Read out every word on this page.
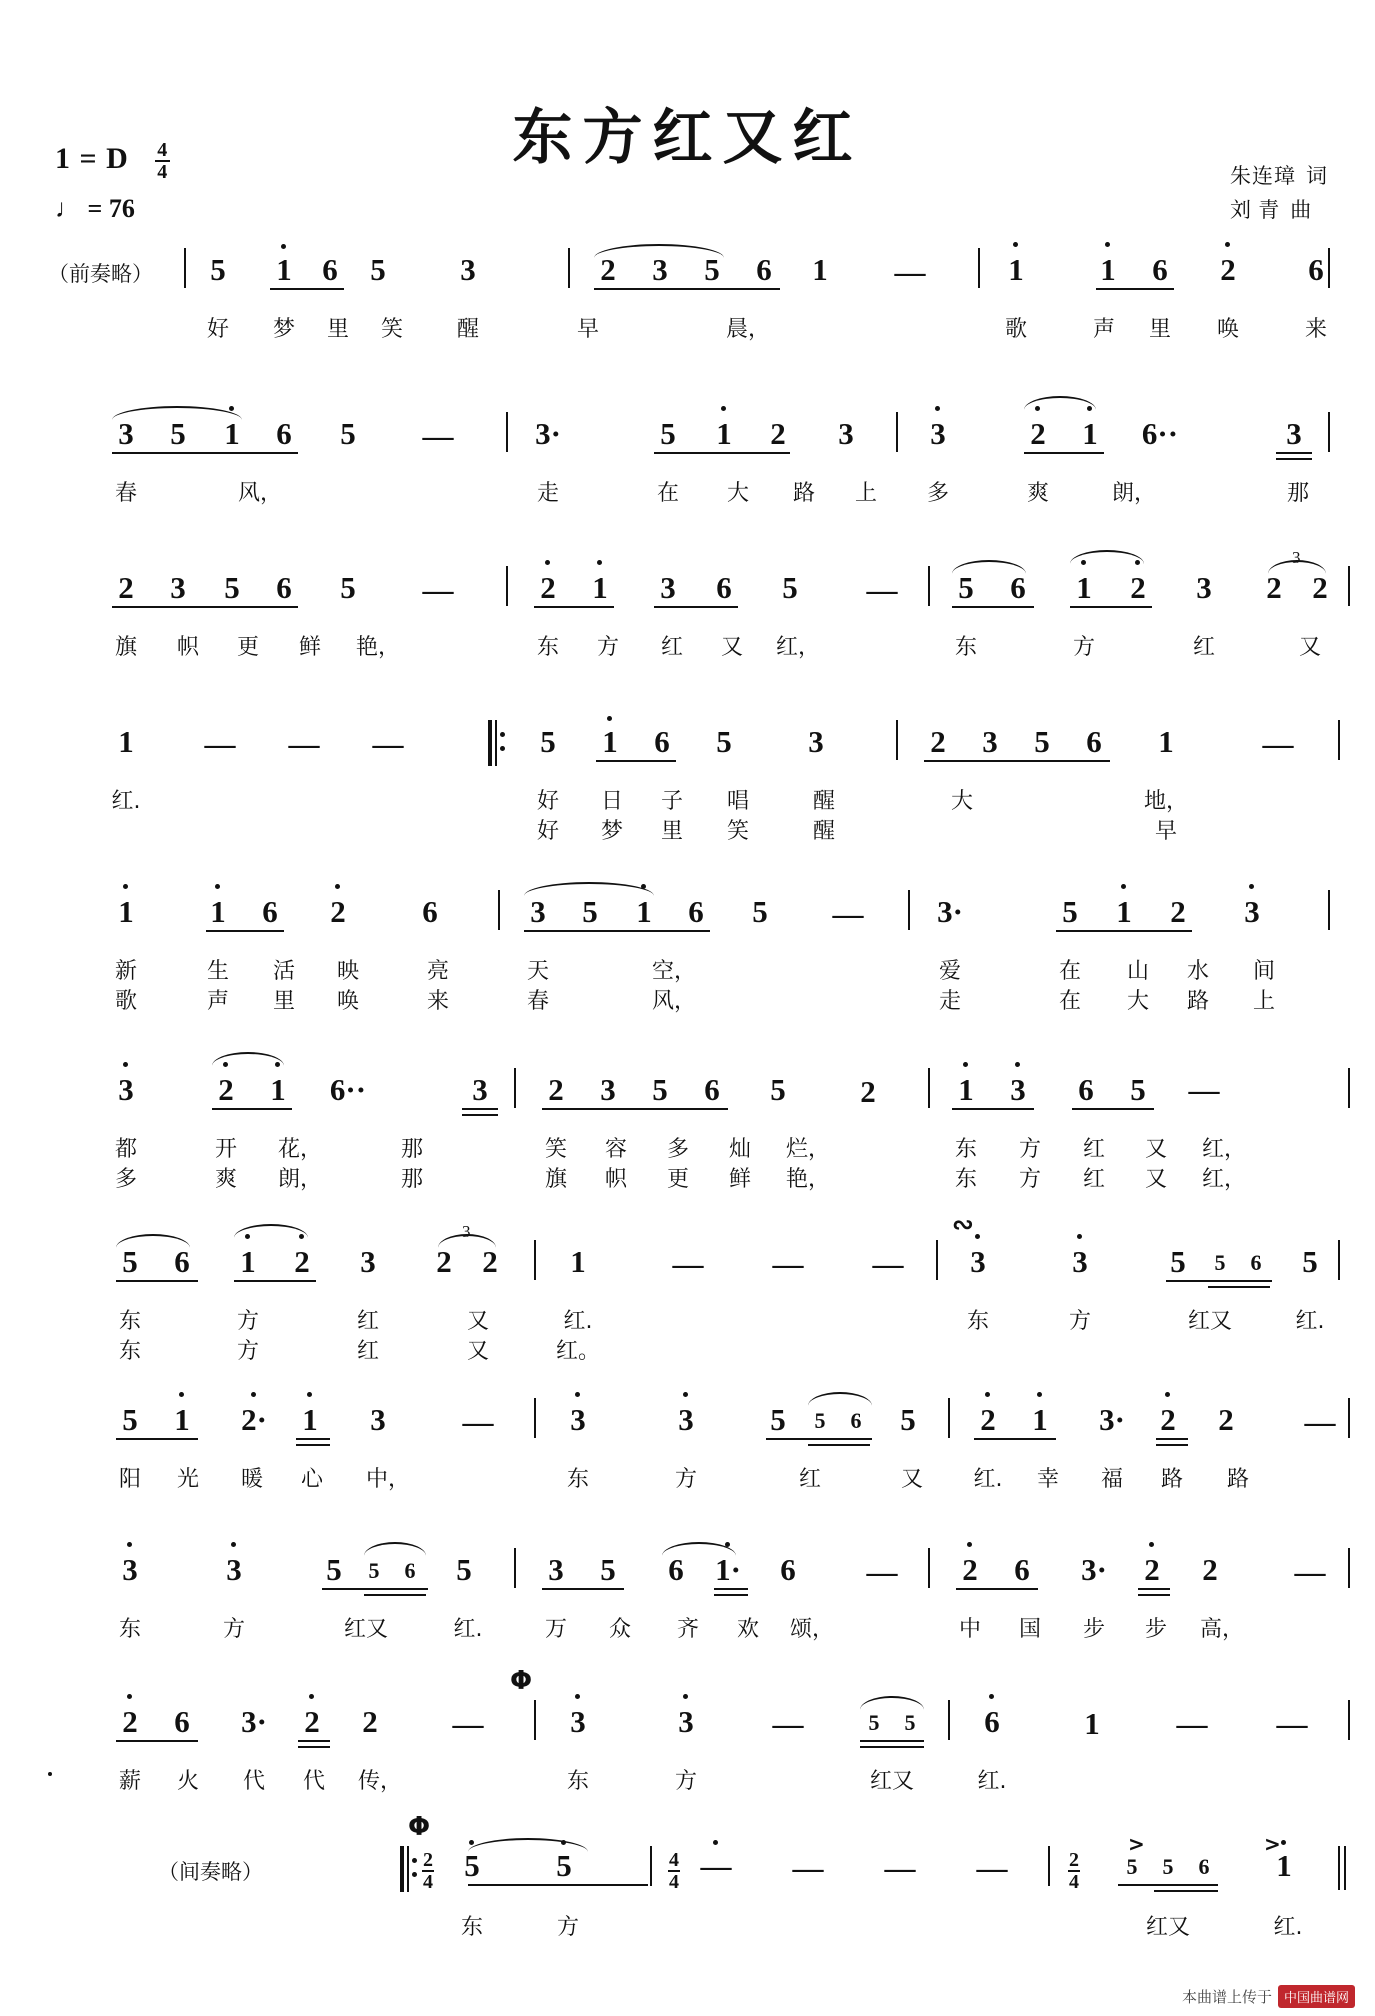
东方红又红
1 = D $\frac{4}{4}$
♩ = 76
朱连璋 词
刘 青 曲
（前奏略） 5 1 6 5 3	2 3 5 6 1 —	1 1 6 2 6
好 梦 里 笑 醒	早	晨，	歌	声 里 唤	来
3 5 1 6 5 —	3·	5 1 2 3 3	2 1 6··	3
春	风，	走	在 大 路 上 多	爽	朗，	那
2 3 5 6 5 —	2 1 3 6 5 — 5 6 1 2 3 2
3
2
旗 帜 更 鲜 艳，	东 方 红 又 红，	东	方	红	又
1 — — —	5 1 6 5 3	2 3 5 6 1	—
红.	好 日 子 唱	醒	大	地，
好 梦 里 笑	醒	早
1 1 6 2 6	3 5 1 6 5 — 3·	5 1 2 3
新	生 活 映	亮	天	空，	爱	在 山 水 间
歌	声 里 唤	来	春	风，	走	在 大 路 上
3	2 1 6··	3 2 3 5 6 5 2	1 3 6 5 —
都	开 花，	那	笑 容 多 灿 烂，	东 方 红 又 红，
多	爽 朗，	那	旗 帜 更 鲜 艳，	东 方 红 又 红，
5 6 1 2 3 2
3
2 1	— — —
∾
3	3	5 5 6 5
东	方	红	又	红.	东	方	红又	红.
东	方	红	又	红。
5 1 2· 1 3 — 3	3 5 5 6 5 2 1 3· 2 2 —
阳 光 暖 心 中，	东	方	红	又 红. 幸 福 路 路
3	3	5 5 6 5 3 5 6 1· 6 — 2 6 3· 2 2 —
东	方	红又	红.	万 众 齐 欢 颂，	中 国 步 步 高，
2 6 3· 2 2 —
Φ
3	3	—	5 5 6	1 — —
薪 火 代 代 传，	东	方	红又	红.
（间奏略）
Φ
$\frac{2}{4} 5$ 5	$\frac{4}{4}$ — — — —	$\frac{2}{4}$
>
5 5 6
>
1
东	方	红又	红.
本曲谱上传于 中国曲谱网
